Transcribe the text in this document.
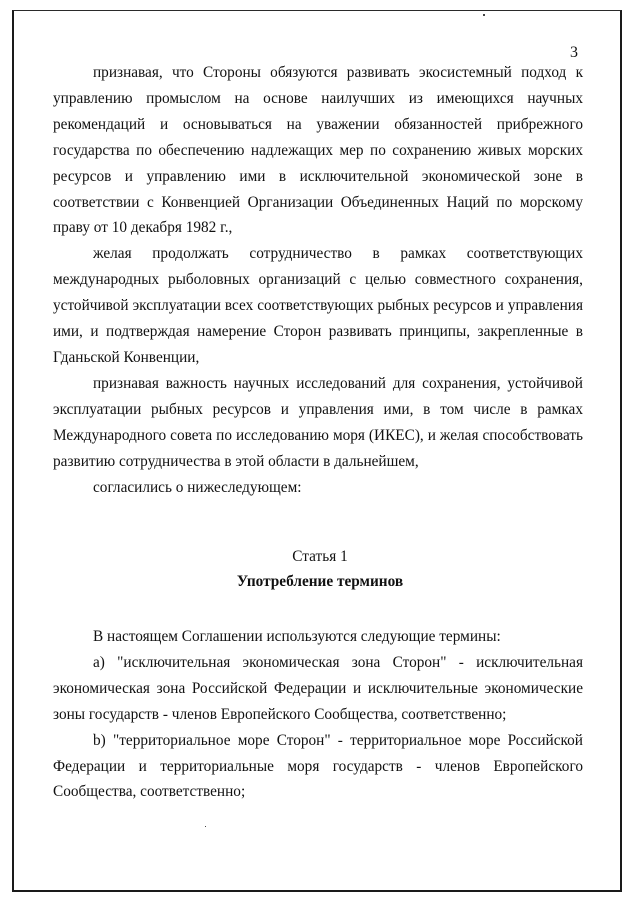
3

признавая, что Стороны обязуются развивать экосистемный подход к управлению промыслом на основе наилучших из имеющихся научных рекомендаций и основываться на уважении обязанностей прибрежного государства по обеспечению надлежащих мер по сохранению живых морских ресурсов и управлению ими в исключительной экономической зоне в соответствии с Конвенцией Организации Объединенных Наций по морскому праву от 10 декабря 1982 г.,

желая продолжать сотрудничество в рамках соответствующих международных рыболовных организаций с целью совместного сохранения, устойчивой эксплуатации всех соответствующих рыбных ресурсов и управления ими, и подтверждая намерение Сторон развивать принципы, закрепленные в Гданьской Конвенции,

признавая важность научных исследований для сохранения, устойчивой эксплуатации рыбных ресурсов и управления ими, в том числе в рамках Международного совета по исследованию моря (ИКЕС), и желая способствовать развитию сотрудничества в этой области в дальнейшем,

согласились о нижеследующем:

Статья 1
Употребление терминов

В настоящем Соглашении используются следующие термины:

a) "исключительная экономическая зона Сторон" - исключительная экономическая зона Российской Федерации и исключительные экономические зоны государств - членов Европейского Сообщества, соответственно;

b) "территориальное море Сторон" - территориальное море Российской Федерации и территориальные моря государств - членов Европейского Сообщества, соответственно;
